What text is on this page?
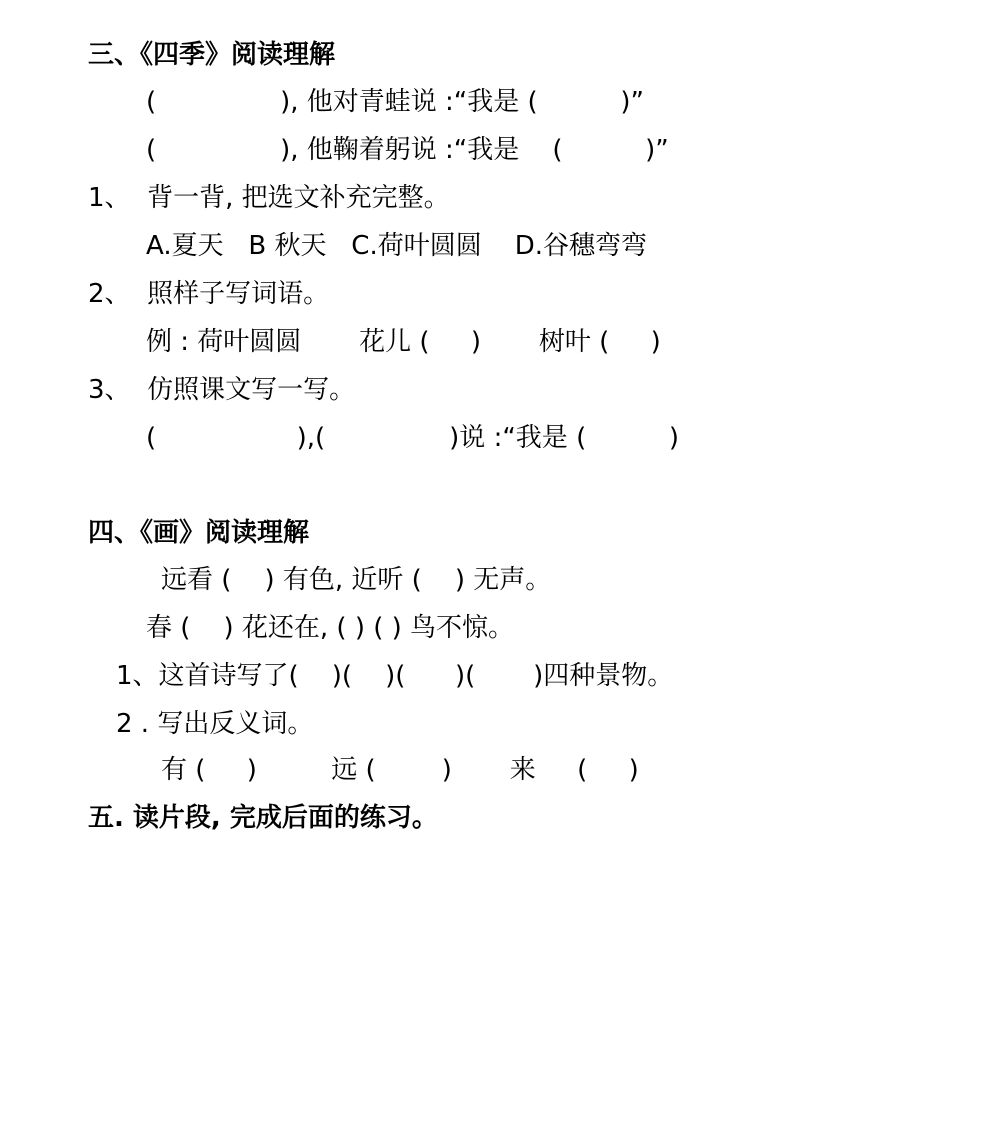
三、《四季》阅读理解
(               ), 他对青蛙说 :“我是 (          )”
(               ), 他鞠着躬说 :“我是    (          )”
1、  背一背, 把选文补充完整。
A.夏天   B 秋天   C.荷叶圆圆    D.谷穗弯弯
2、  照样子写词语。
例 : 荷叶圆圆       花儿 (     )       树叶 (     )
3、  仿照课文写一写。
(                 ),(               )说 :“我是 (          )
四、《画》阅读理解
远看 (    ) 有色, 近听 (    ) 无声。
春 (    ) 花还在, ( ) ( ) 鸟不惊。
1、这首诗写了(    )(    )(      )(       )四种景物。
2 . 写出反义词。
有 (     )         远 (        )       来     (     )
五. 读片段, 完成后面的练习。
